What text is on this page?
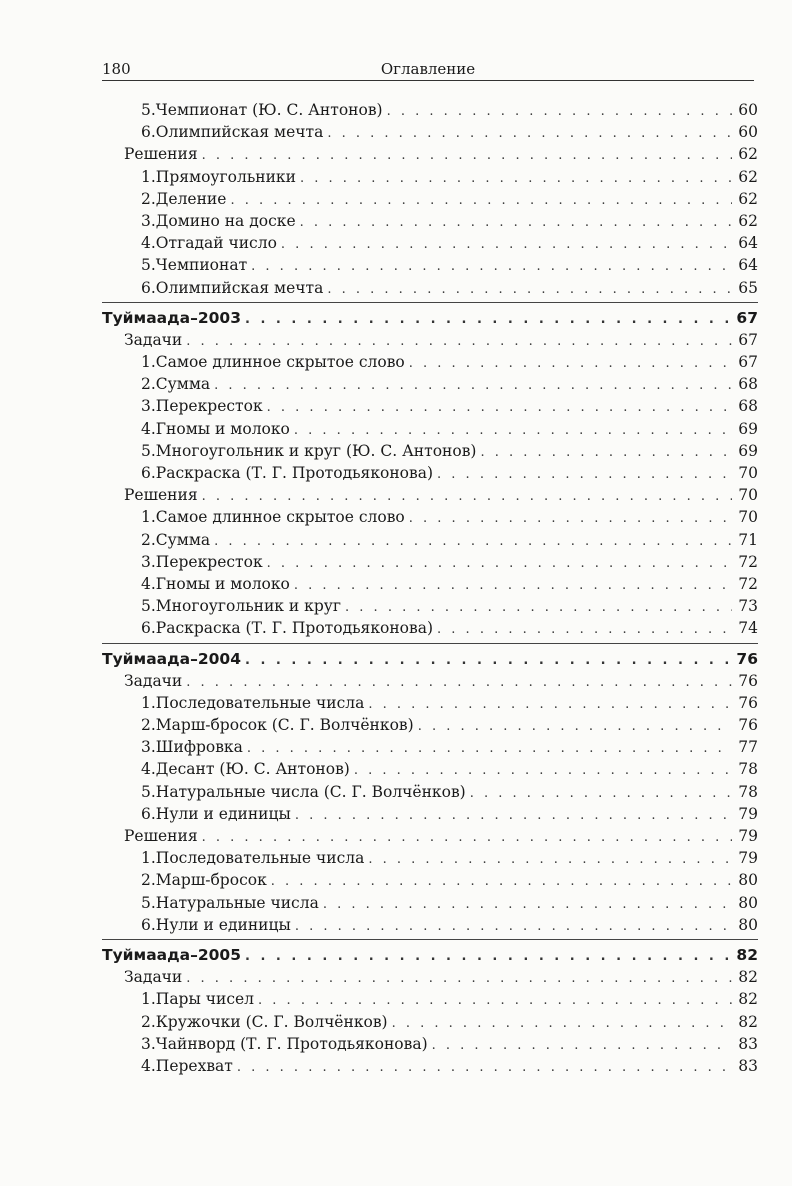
180	Оглавление
5. Чемпионат (Ю. С. Антонов) . . .	60
6. Олимпийская мечта . . .	60
Решения . . .	62
1. Прямоугольники . . .	62
2. Деление . . .	62
3. Домино на доске . . .	62
4. Отгадай число . . .	64
5. Чемпионат . . .	64
6. Олимпийская мечта . . .	65
Туймаада–2003 . . .	67
Задачи . . .	67
1. Самое длинное скрытое слово . . .	67
2. Сумма . . .	68
3. Перекресток . . .	68
4. Гномы и молоко . . .	69
5. Многоугольник и круг (Ю. С. Антонов) . . .	69
6. Раскраска (Т. Г. Протодьяконова) . . .	70
Решения . . .	70
1. Самое длинное скрытое слово . . .	70
2. Сумма . . .	71
3. Перекресток . . .	72
4. Гномы и молоко . . .	72
5. Многоугольник и круг . . .	73
6. Раскраска (Т. Г. Протодьяконова) . . .	74
Туймаада–2004 . . .	76
Задачи . . .	76
1. Последовательные числа . . .	76
2. Марш-бросок (С. Г. Волчёнков) . . .	76
3. Шифровка . . .	77
4. Десант (Ю. С. Антонов) . . .	78
5. Натуральные числа (С. Г. Волчёнков) . . .	78
6. Нули и единицы . . .	79
Решения . . .	79
1. Последовательные числа . . .	79
2. Марш-бросок . . .	80
5. Натуральные числа . . .	80
6. Нули и единицы . . .	80
Туймаада–2005 . . .	82
Задачи . . .	82
1. Пары чисел . . .	82
2. Кружочки (С. Г. Волчёнков) . . .	82
3. Чайнворд (Т. Г. Протодьяконова) . . .	83
4. Перехват . . .	83
